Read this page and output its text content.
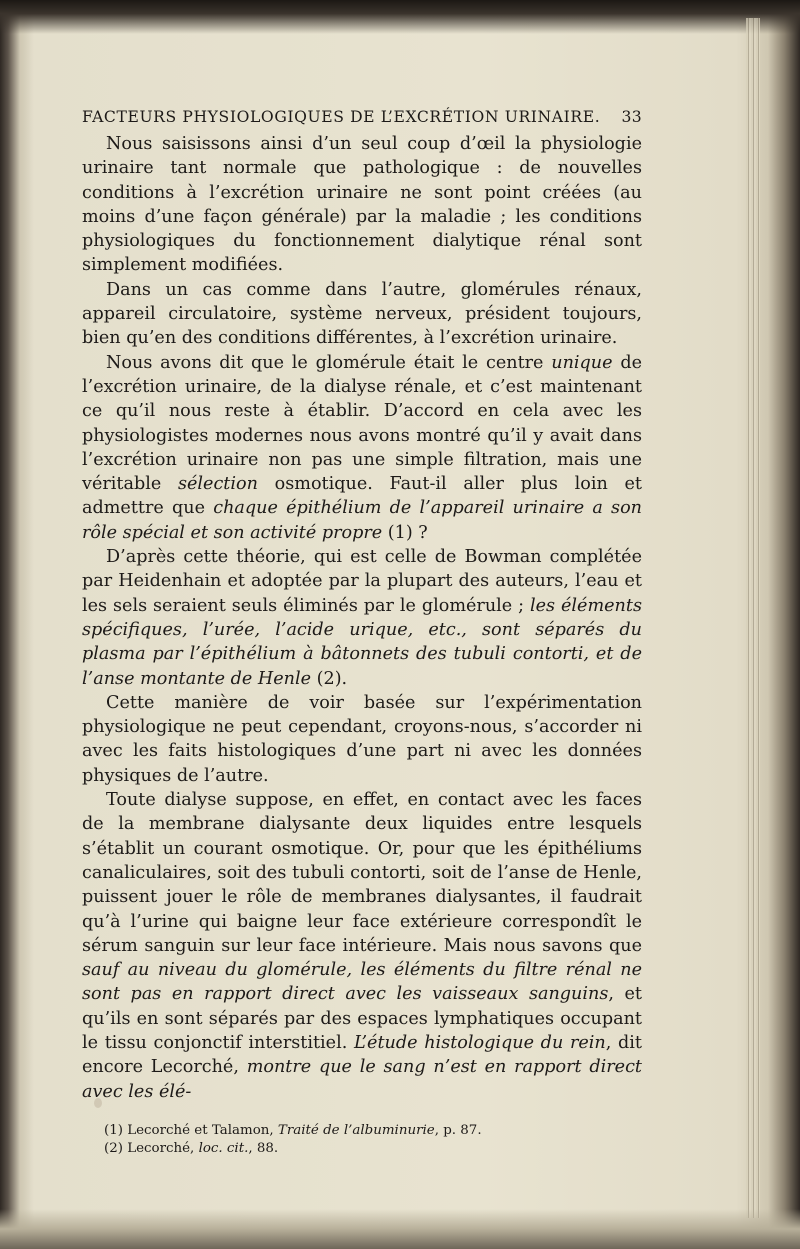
FACTEURS PHYSIOLOGIQUES DE L’EXCRÉTION URINAIRE. 33

Nous saisissons ainsi d’un seul coup d’œil la physiologie urinaire tant normale que pathologique : de nouvelles conditions à l’excrétion urinaire ne sont point créées (au moins d’une façon générale) par la maladie ; les conditions physiologiques du fonctionnement dialytique rénal sont simplement modifiées.

Dans un cas comme dans l’autre, glomérules rénaux, appareil circulatoire, système nerveux, président toujours, bien qu’en des conditions différentes, à l’excrétion urinaire.

Nous avons dit que le glomérule était le centre unique de l’excrétion urinaire, de la dialyse rénale, et c’est maintenant ce qu’il nous reste à établir. D’accord en cela avec les physiologistes modernes nous avons montré qu’il y avait dans l’excrétion urinaire non pas une simple filtration, mais une véritable sélection osmotique. Faut-il aller plus loin et admettre que chaque épithélium de l’appareil urinaire a son rôle spécial et son activité propre (1) ?

D’après cette théorie, qui est celle de Bowman complétée par Heidenhain et adoptée par la plupart des auteurs, l’eau et les sels seraient seuls éliminés par le glomérule ; les éléments spécifiques, l’urée, l’acide urique, etc., sont séparés du plasma par l’épithélium à bâtonnets des tubuli contorti, et de l’anse montante de Henle (2).

Cette manière de voir basée sur l’expérimentation physiologique ne peut cependant, croyons-nous, s’accorder ni avec les faits histologiques d’une part ni avec les données physiques de l’autre.

Toute dialyse suppose, en effet, en contact avec les faces de la membrane dialysante deux liquides entre lesquels s’établit un courant osmotique. Or, pour que les épithéliums canaliculaires, soit des tubuli contorti, soit de l’anse de Henle, puissent jouer le rôle de membranes dialysantes, il faudrait qu’à l’urine qui baigne leur face extérieure correspondît le sérum sanguin sur leur face intérieure. Mais nous savons que sauf au niveau du glomérule, les éléments du filtre rénal ne sont pas en rapport direct avec les vaisseaux sanguins, et qu’ils en sont séparés par des espaces lymphatiques occupant le tissu conjonctif interstitiel. L’étude histologique du rein, dit encore Lecorché, montre que le sang n’est en rapport direct avec les élé-

(1) Lecorché et Talamon, Traité de l’albuminurie, p. 87.
(2) Lecorché, loc. cit., 88.
